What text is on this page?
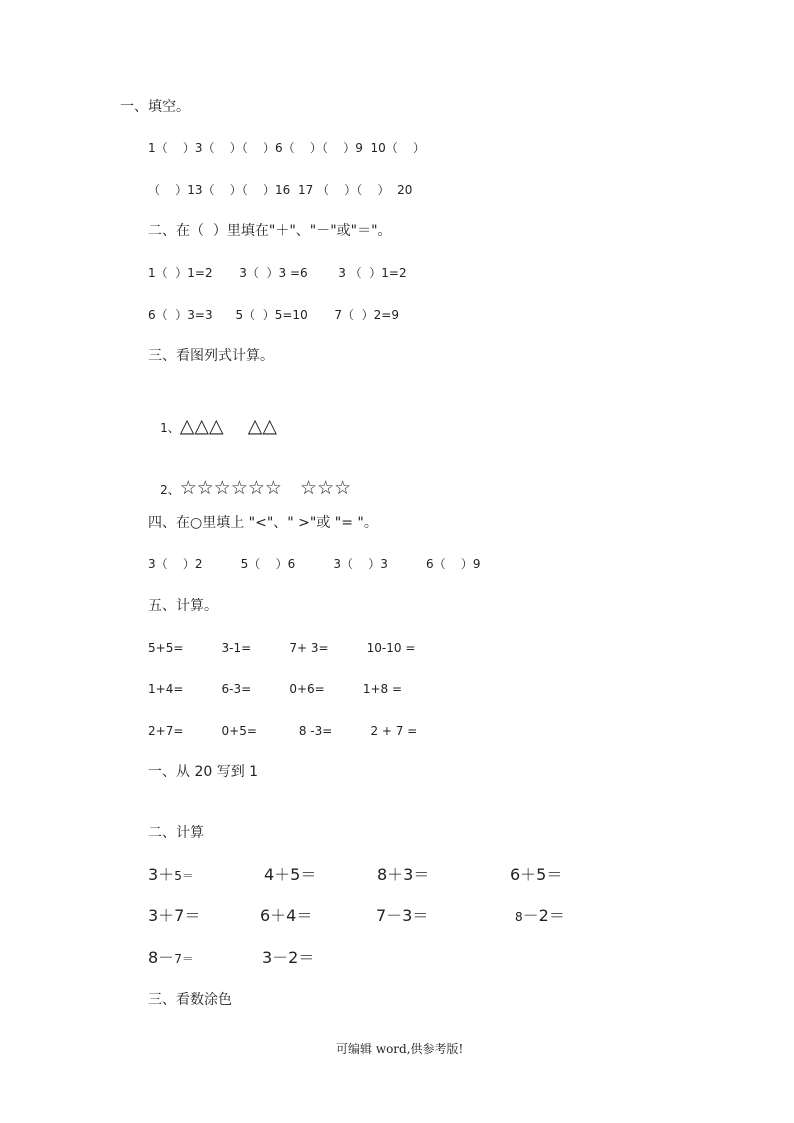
一、填空。
1（    ）3（    ）（    ）6（    ）（    ）9  10（    ）
（    ）13（    ）（    ）16  17 （    ）（    ）  20
二、在（  ）里填在"＋"、"－"或"＝"。
1（  ）1=2       3（  ）3 =6        3 （  ）1=2
6（  ）3=3      5（  ）5=10       7（  ）2=9
三、看图列式计算。

1、△△△    △△

2、☆☆☆☆☆☆   ☆☆☆

四、在○里填上 "<"、" >"或 "= "。
3（    ）2          5（    ）6          3（    ）3          6（    ）9
五、计算。
5+5=          3-1=          7+ 3=          10-10 =
1+4=          6-3=          0+6=          1+8 =
2+7=          0+5=           8 -3=          2 + 7 =
一、从 20 写到 1
二、计算
3＋5＝	4＋5＝	8＋3＝	6＋5＝
3＋7＝	6＋4＝	7－3＝	8－2＝
8－7＝	3－2＝
三、看数涂色
可编辑 word,供参考版!
